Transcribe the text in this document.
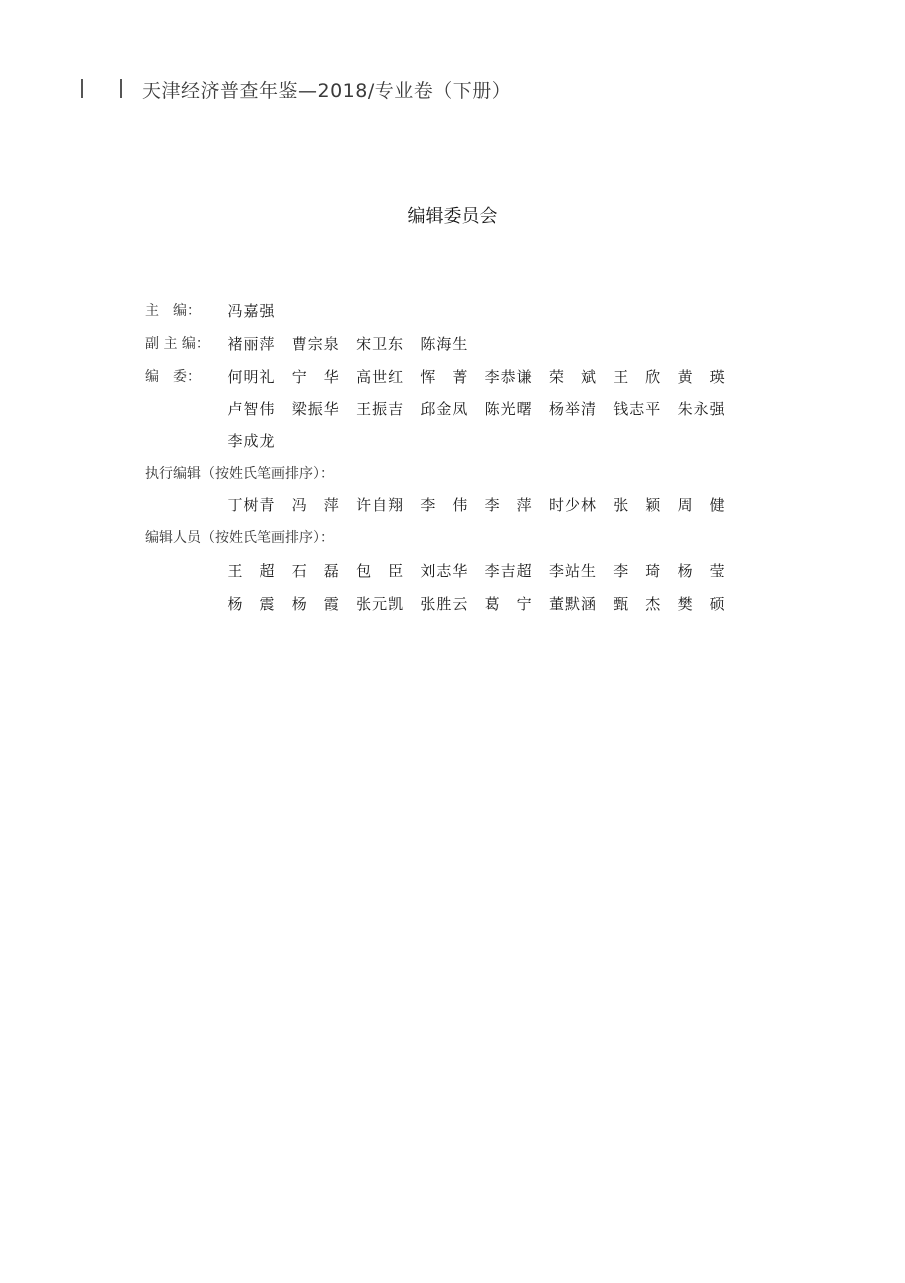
天津经济普查年鉴—2018/专业卷（下册）
编辑委员会
主　编：	冯 嘉 强
副 主 编：	褚 丽 萍 曹 宗 泉 宋 卫 东 陈 海 生
编　委：	何 明 礼 宁 华 高 世 红 恽 菁 李 恭 谦 荣 斌 王 欣 黄 瑛
卢 智 伟 梁 振 华 王 振 吉 邱 金 凤 陈 光 曙 杨 举 清 钱 志 平 朱 永 强
李 成 龙
执行编辑（按姓氏笔画排序）：
丁 树 青 冯 萍 许 自 翔 李 伟 李 萍 时 少 林 张 颖 周 健
编辑人员（按姓氏笔画排序）：
王 超 石 磊 包 臣 刘 志 华 李 吉 超 李 站 生 李 琦 杨 莹
杨 震 杨 霞 张 元 凯 张 胜 云 葛 宁 董 默 涵 甄 杰 樊 硕
